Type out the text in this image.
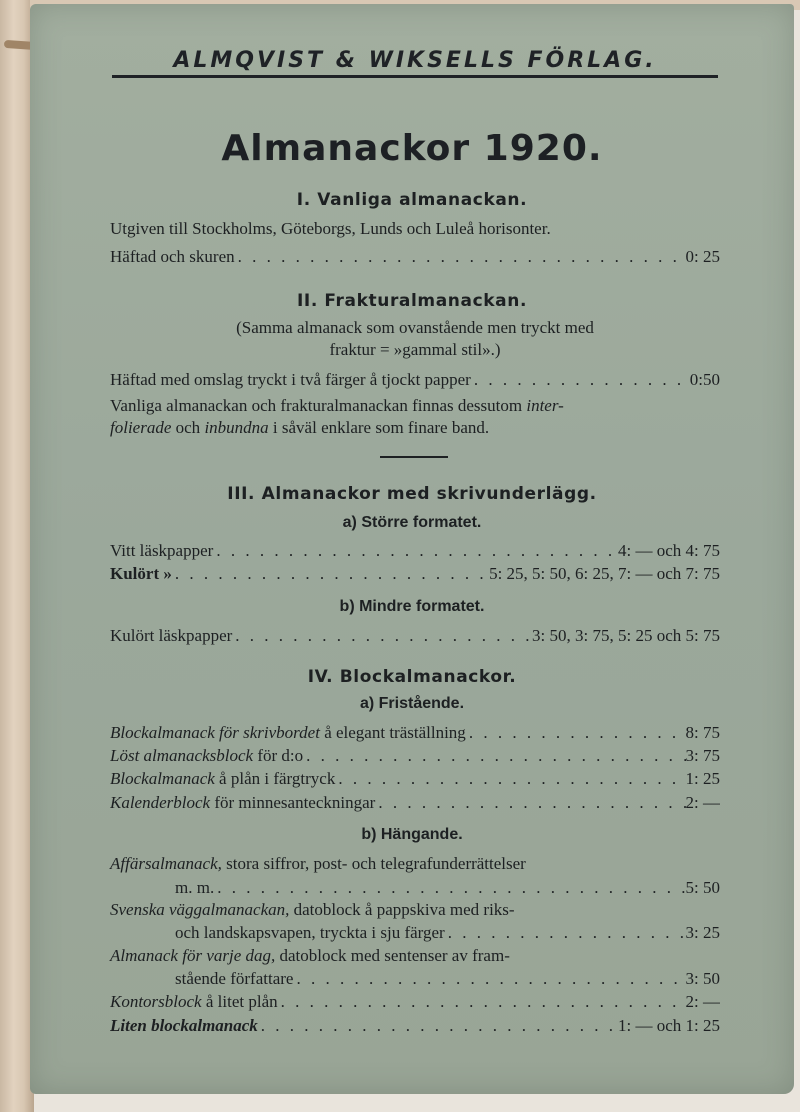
ALMQVIST & WIKSELLS FÖRLAG.
Almanackor 1920.
I. Vanliga almanackan.
Utgiven till Stockholms, Göteborgs, Lunds och Luleå horisonter.
Häftad och skuren . . .	0: 25
II. Frakturalmanackan.
(Samma almanack som ovanstående men tryckt med
fraktur = »gammal stil».)
Häftad med omslag tryckt i två färger å tjockt papper . . .	0:50
Vanliga almanackan och frakturalmanackan finnas dessutom inter-
folierade och inbundna i såväl enklare som finare band.
III. Almanackor med skrivunderlägg.
a) Större formatet.
Vitt läskpapper . . .	4: — och 4: 75
Kulört » . . .	5: 25, 5: 50, 6: 25, 7: — och 7: 75
b) Mindre formatet.
Kulört läskpapper . . .	3: 50, 3: 75, 5: 25 och 5: 75
IV. Blockalmanackor.
a) Fristående.
Blockalmanack för skrivbordet å elegant träställning . . .	8: 75
Löst almanacksblock för d:o . . .	3: 75
Blockalmanack å plån i färgtryck . . .	1: 25
Kalenderblock för minnesanteckningar . . .	2: —
b) Hängande.
Affärsalmanack, stora siffror, post- och telegrafunderrättelser
m. m. . . .	5: 50
Svenska väggalmanackan, datoblock å pappskiva med riks-
och landskapsvapen, tryckta i sju färger . . .	3: 25
Almanack för varje dag, datoblock med sentenser av fram-
stående författare . . .	3: 50
Kontorsblock å litet plån . . .	2: —
Liten blockalmanack . . .	1: — och 1: 25
